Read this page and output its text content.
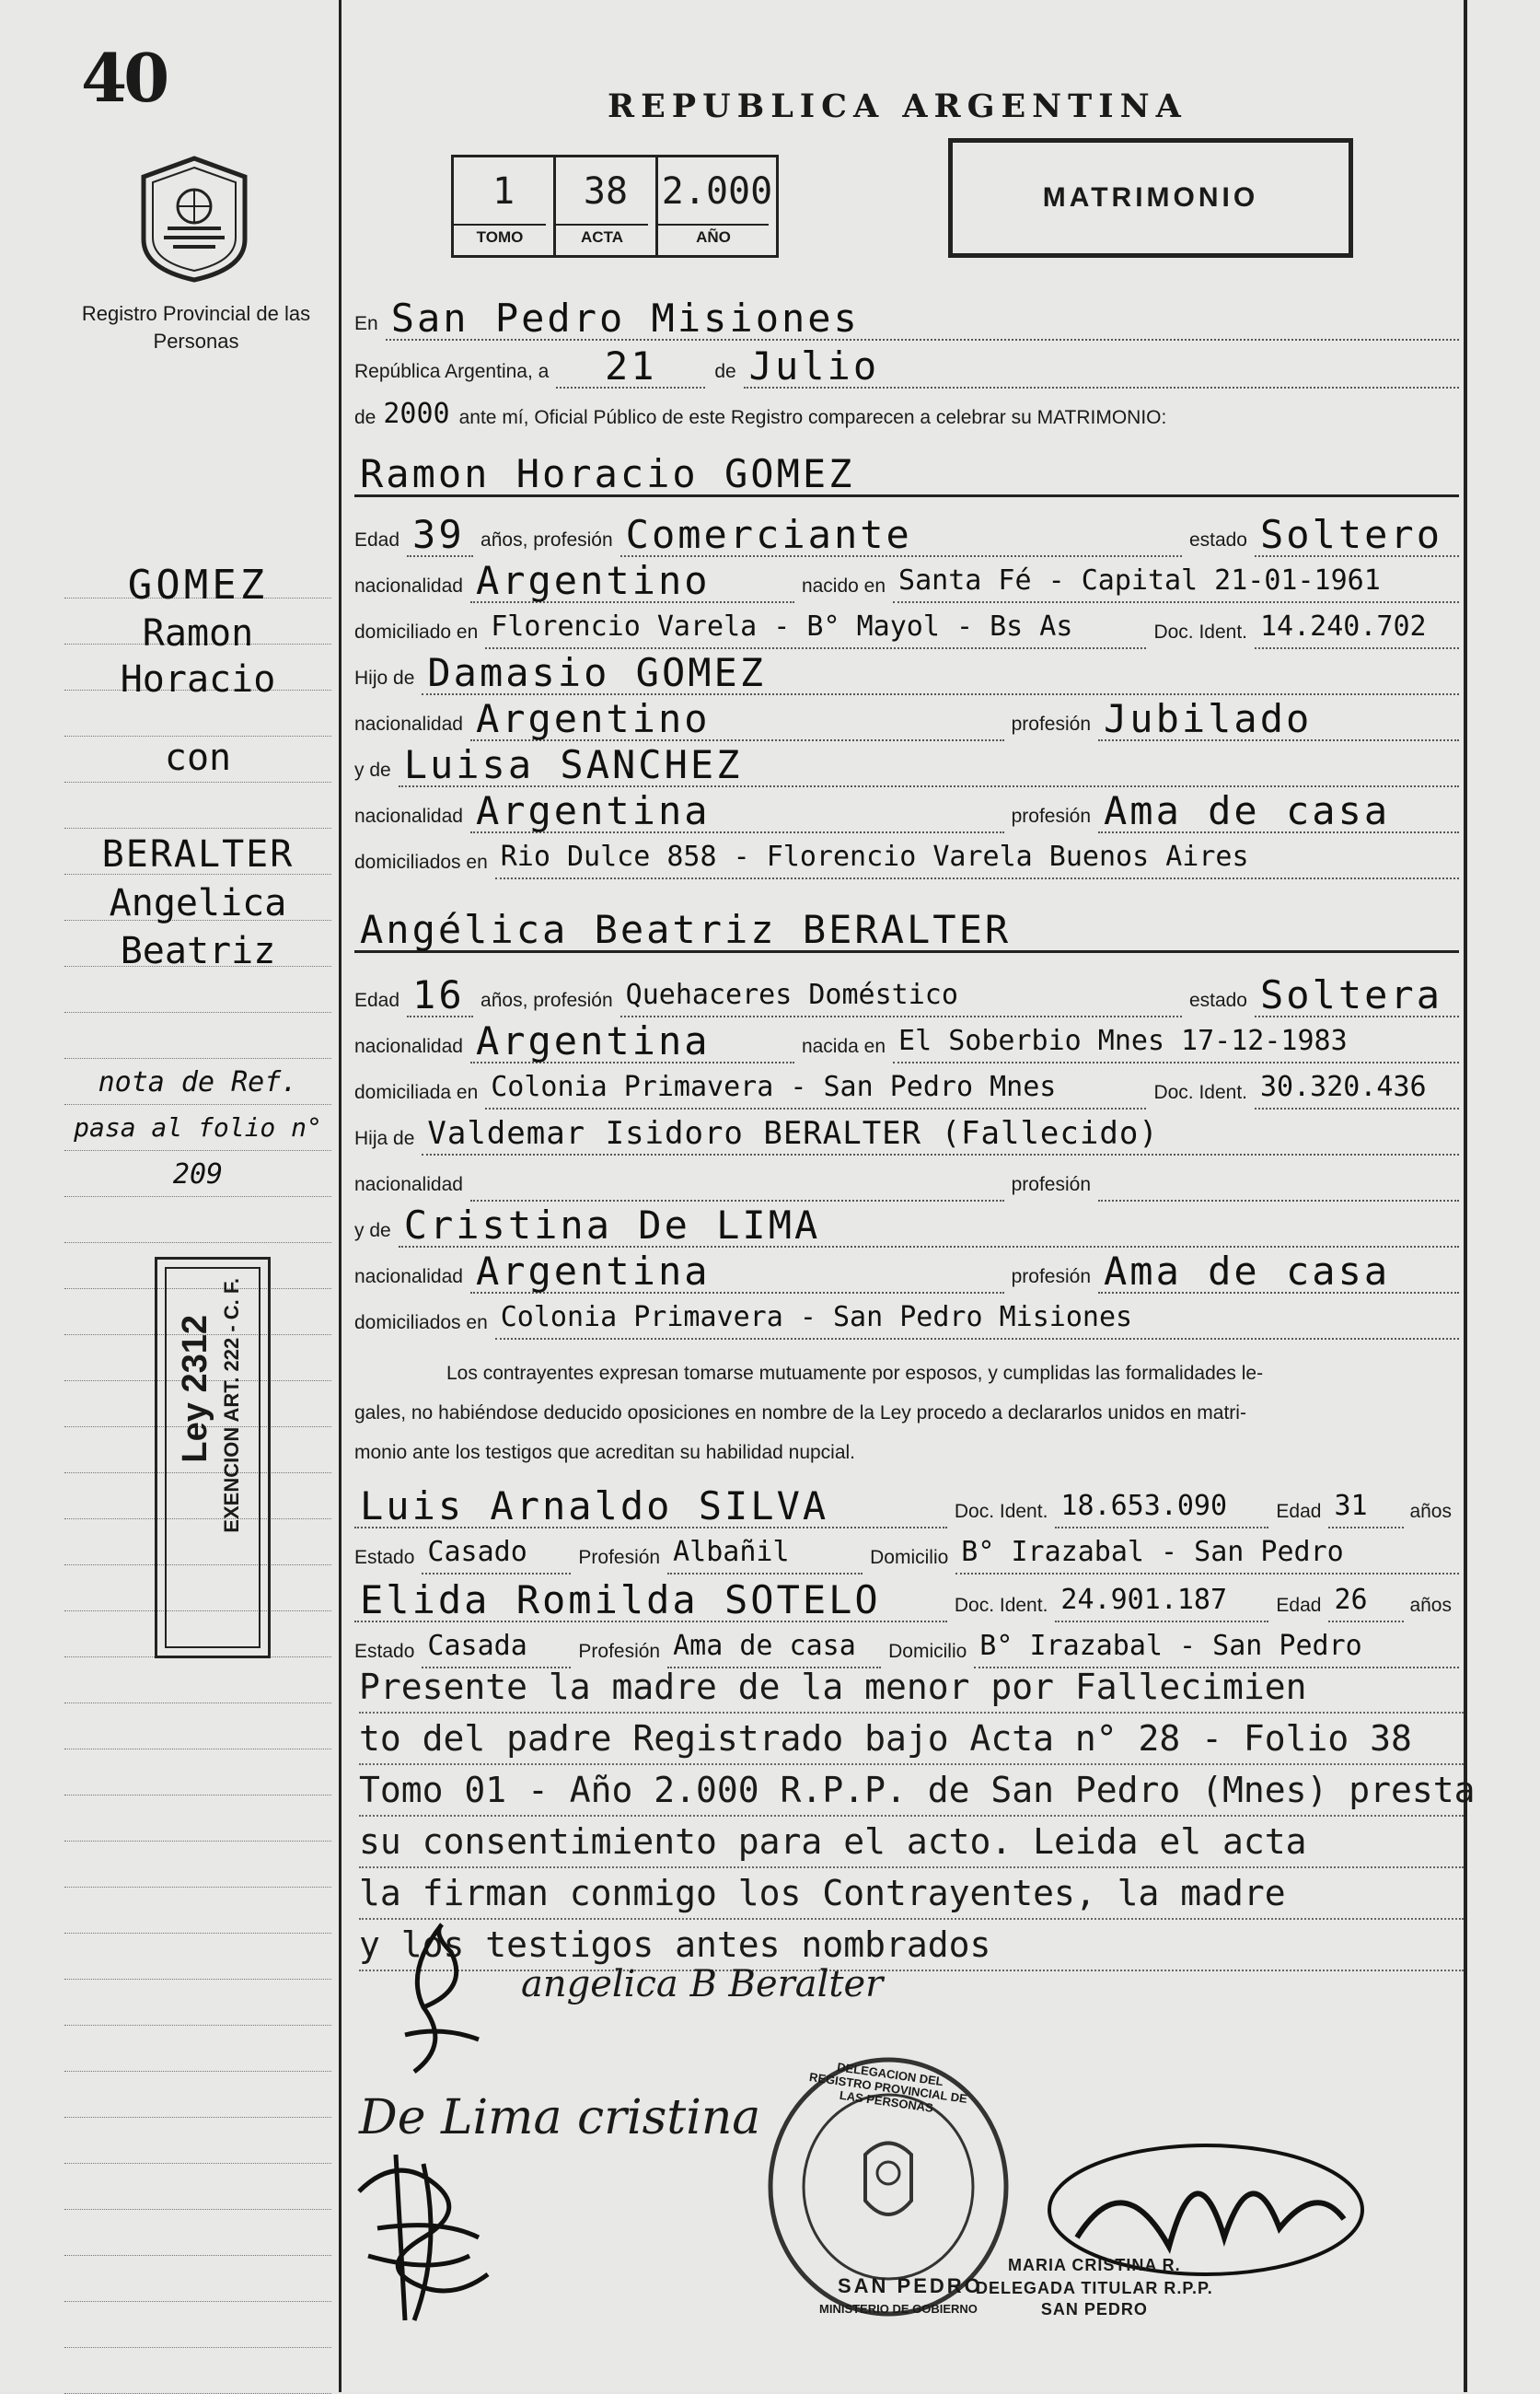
40
Registro Provincial de las Personas
REPUBLICA ARGENTINA
1
TOMO
38
ACTA
2.000
AÑO
MATRIMONIO
En San Pedro Misiones
República Argentina, a	21	de Julio
de 2000 ante mí, Oficial Público de este Registro comparecen a celebrar su MATRIMONIO:
Ramon Horacio GOMEZ
Edad 39 años, profesión Comerciante	estado Soltero
nacionalidad Argentino	nacido en Santa Fé - Capital 21-01-1961
domiciliado en Florencio Varela - B° Mayol - Bs As	Doc. Ident. 14.240.702
Hijo de Damasio GOMEZ
nacionalidad Argentino	profesión Jubilado
y de Luisa SANCHEZ
nacionalidad Argentina	profesión Ama de casa
domiciliados en Rio Dulce 858 - Florencio Varela Buenos Aires
Angélica Beatriz BERALTER
Edad 16 años, profesión Quehaceres Doméstico	estado Soltera
nacionalidad Argentina	nacida en El Soberbio Mnes 17-12-1983
domiciliada en Colonia Primavera - San Pedro Mnes	Doc. Ident. 30.320.436
Hija de Valdemar Isidoro BERALTER (Fallecido)
nacionalidad	profesión
y de Cristina De LIMA
nacionalidad Argentina	profesión Ama de casa
domiciliados en Colonia Primavera - San Pedro Misiones
Los contrayentes expresan tomarse mutuamente por esposos, y cumplidas las formalidades le-
gales, no habiéndose deducido oposiciones en nombre de la Ley procedo a declararlos unidos en matri-
monio ante los testigos que acreditan su habilidad nupcial.
Luis Arnaldo SILVA	Doc. Ident. 18.653.090	Edad 31	años
Estado Casado	Profesión Albañil	Domicilio B° Irazabal - San Pedro
Elida Romilda SOTELO	Doc. Ident. 24.901.187	Edad 26	años
Estado Casada	Profesión Ama de casa	Domicilio B° Irazabal - San Pedro
Presente la madre de la menor por Fallecimien
to del padre Registrado bajo Acta n° 28 - Folio 38
Tomo 01 - Año 2.000 R.P.P. de San Pedro (Mnes) presta
su consentimiento para el acto. Leida el acta
la firman conmigo los Contrayentes, la madre
y los testigos antes nombrados
GOMEZ
Ramon
Horacio
con
BERALTER
Angelica
Beatriz
nota de Ref.
pasa al folio n°
209
Ley 2312 EXENCION ART. 222 - C. F.
angelica B Beralter
De Lima cristina
DELEGACION DEL REGISTRO PROVINCIAL DE LAS PERSONAS
SAN PEDRO
MINISTERIO DE GOBIERNO
MARIA CRISTINA R.
DELEGADA TITULAR R.P.P.
SAN PEDRO
